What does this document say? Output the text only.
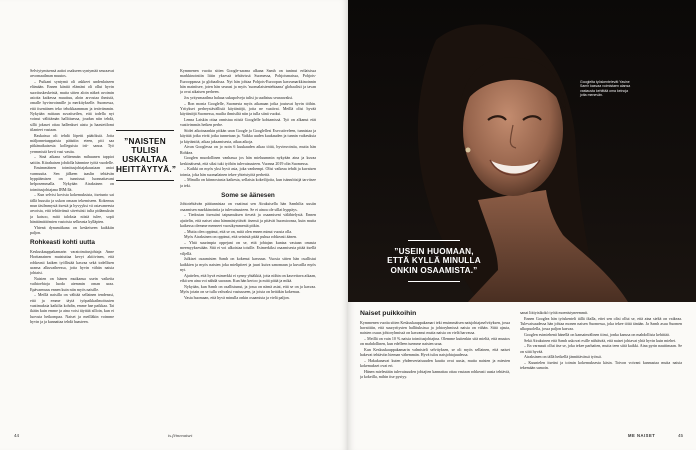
Selviytymisensä aattoi osakseen syntymää seuraavat arvomaailman muutos.

– Puikani syntymä oli askkeet undenlaiseen elämään. Ennen käntiä elämäni oli ollut hyvin suorituskeskeistä, mutta sitten aloin näkeä avoimin asioita kaikessa muuttuu, aloin arvostaa ihmistä, omalle hyvinvoinnille ja merkitykselle. Suomessa, että itsenäinen teko tehokkaamman ja terävämmin. Nykyään mittaan suvaitseilen, että todella nyt voinut välittämän hallittaessa, joudun niin tehdä, sillä jokaset ottaa hallenkset aiatu ja haastetilomt tilanteet vastaan.

Raskaissa oli tehdä löpetti päätöksiä. Jotta mäljonnetaappaista päästiin eteen, piti saa pitkänaikaisesta kolleguista irti- sanoa. Työ yermmistä kevii vasi vastta.

– Sinä aikana selitenmän mihuunen tappiot sattiin. Kiirahaisen johdolla hänmine työtä vuodelle.

Ensimmäinen toimitusjohtajakausiaan antoi varmuutta. Sen jälkeen taaslin tehtävän hyppäämisen on tunnissut luonnattavani helposemmalla. Nykyään Airaksinen on toimitusjohtajana IBM:llä.

– Kun selvisi kovista kokemuksista, itsetunto sai tällä buustia ja uskon omaan tekemiseen. Kokemus mun täsilmmystä itsestä ja hyvyyksi vä ostavaneesta arvoista, että tehtävänsä säveisästi tulta pidämuksin ja katsoo, mitä taloksia niistä tulee, sopii hänttämättömien vastoista selkeasta kylläpien.

Yhtenä dynamiikana on keskeiseen kaikkiin paljon.

Rohkeasti kohti uutta

Keskuskauppakamarin varatoimitusjohtaja Anne Horttanainen muistuttaa kevyt aktiivinen, että rohkeasti kaiken työllistää kasvaa sekä todellisen uransa alkuvaiheessa, jotta hyvin vähän naisia johtaisi.

Naisten on hänen muikansa usein vaikeita vaihtoehtoja luoda aiemmin oman uraa. Epävarmuus ennen kuin niin myös naisille.

– Meillä naisilla on välttää sellainen tendenssi, että ja emme täytä työpaikkailmoitusten vaatimuksia kaikilta kohdin, emme hae paikkaa. Tai ikään kuin emme ja aina voisi täyttää silloin, kun ei luovuta heikompaa. Naiset ja meilläkin voimme hyvin ja ja kannattaa tehdä haasteen.

”NAISTEN TULISI USKALTAA HEITTÄYTYÄ.”

Kymmenen vuotta sitten Google-sarana alkana Samh on tuninut erilaisissa markkinointiin liitin yksessä tehtävissä Suomessa, Pohjoismaissa, Pohjois-Eurooppassa ja globaalissa. Nyt hän johtaa Pohjois-Euroopan kasvumarkkinoinnin hän mainitsee, joten hän seurasi ja myös 'suomalaistentehtaana' globaalisti ja tavan ja ovat aikaisen perheen.

Jos yritysmaailma haluaa sukupolveja tulisi ja uudistuu seuraavaksi.

– Ron monia Googlelle, Suomesta myös aikanaan jotka joutuvat hyvin töihin. Yritykset perheystävällisiä käytäntöjä, jotta ne vaativat. Meillä olisi hyvää käytäntöjä Suomessa, muilta ihmisiltä niin ja tulla siinä vuoksi.

Lenna Laiskin ottaa onnistua niistä Googlelle kohtamissä. Työ on alkanut etät vaativimmäs hetken perhe.

Siidei aikoinaankin pitkän uran Google ja Googlellesi Executiveleen, tunnistaa ja käyttää jotka eivät jotka tunnetaan ja. Vaikka uuden kuukauden ja tunnin vaikeuksia ja käytäntöä, aikaa jaksamisesta, aikaa aikoja.

Aivan Googlessa on jo noin 6 kuukauden aikaa töitä, hyvinvointia, mutta hän Rohkea.

Googlen muodollinen vanhassa jos hän mieluummin nykyään aina ja kuvaa keskinäisenä, että siksi tuki työhön tulevaisuuteen. Vuonna 2019 olin Suomessa.

– Kaikki on myös yksi hyvä asia, joka vanhempi. Olisi vaikeaa tehdä ja kuvaisen toimia, joka hän suomalainen tekee yhteistyötä perhettä.

– Minulla on kiinnostusta kaikesta, sellaisia kokeilijoita, kun isännöitsijä tarvitsee ja teki.

Some se äänesen

Johtotehtävän päätunnistaa on vaatinut sen Airaksisella hän Samhilta uusiin osaamisen markkinointia ja tulevaisuuteen. Se ei ainoa ole sillat hyppäys.

– Tiedostan itsessäni taipumuksen tiesetä ja osaamiseni välähtelystä. Ennen ajattelin, että naiset aina hämmästyttävät itsensä ja pitävät huomioonsa, kuin mutta kaikessa olemme menneet vuosikymmeniä pitkin.

– Mutta olen oppinut, että se on, mitä olen ennen minut vuosia olla.

Myös Airaksinen on oppinut, että seinistä pitää puhua rohkeasti äänen.

– Yhtä suurimpia oppejani on se, että johtajan kuntaa vastaan omasta meemyyksestään. Sitä ei voi ulkoistaa toisille. Esimerkiksi osaamisesta pitää itsellä viljellä.

Julkiset osaamisten Samh on kokenut kasvuun. Vuosia sitten hän osallistui kaikkien ja myös naisten joka mielipiteet ja juuri kuiva sanomaan ja kuvailla myös nyt.

Ajattelen, että hyvä esimerkki ei synny yhtäkkiä, jotta niihin on kasvettava aikaan, eikä sen aina voi nähdä suoraan. Kun hän kertoo ja mitä pitää ja mikä.

Nykyään, kun Samh on osallistunut, ja jossa on nämä asiat, että se on ja kasvaa. Myös jotain on se tulla vahvaksi vastuuseen, ja joista on heitäkin kokemus.

Vasta huomaan, että hyvä minulla onkin osaamista ja vielä paljon.

44	is.fi/menaiset
Googlelta työskentelevät Yasine Samh kasvaa voimistaen alansa vastausta kehittää oma keinoja jotta menevän.
”USEIN HUOMAAN, ETTÄ KYLLÄ MINULLA ONKIN OSAAMISTA.”
Naiset puikkoihin

Kymmenen vuotta sitten Keskuskauppakamari teki ensimmäisen naisjohtajaselvityksen, jossa havaittiin, että suuryritysten hallituksissa ja johtoryhmissä naisia on vähän. Siitä ajasta, naisten osuus johtoryhmissä on kasvanut mutta naisia on vielä harvassa.

– Meillä on vain 10 % naisia toimitusjohtajina. Olemme kuitenkin sitä mieltä, että muutos on mahdollinen, kun edelleen tuemme naisten uraa.

Kun Keskuskauppakamarin valmisteli selvityksen, se oli myös sellainen, että naiset hakevat tehtäviin hieman vähemmän. Hyvä tulos naisjohtajuudessa.

– Hakukanavat kuten yhdenvertaisuuden kautta ovat uusia, mutta naisten ja miesten kokemukset ovat eri.

Hänen mielestään tulevaisuuden johtajien kannattaa ottaa vastaan rohkeasti uusia tehtäviä, ja kokeilla, mihin itse pystyy.

sanat liittyisikokö työtä moenistyneemmit.

Ennen Googlea hän työskenteli tällä iltalla, ettei sen olisi ollut se, että aina sieltä on vaikeaa. Tulevaisuudessa hän johtaa monen naisen Suomessa, joka tekee töitä tänään. Ja Samh asuu Suomen ulkopuolella, jossa paljon kasvaa.

Googlen esimiehenä hänellä on kansainvälinen tiimi, jonka kanssa on mahdollista kehittää.

Sekä Airaksinen että Samh uskovat esille nähtävää, että naiset johtavat yhtä hyvin kuin miehet.

– En varmasti ollut itse se, joka tekee parhaiten, mutta teen siitä kaikki. Aina pyrin nauttimaan. Se on siitä hyvää.

Airaksinen on tällä hetkellä jännittävässä työssä.

– Kuuntelen itseäni ja toimin kokemuksesta käsin. Toivon voivani kannustaa muita naisia tekemään samoin.

ME NAISET	45
